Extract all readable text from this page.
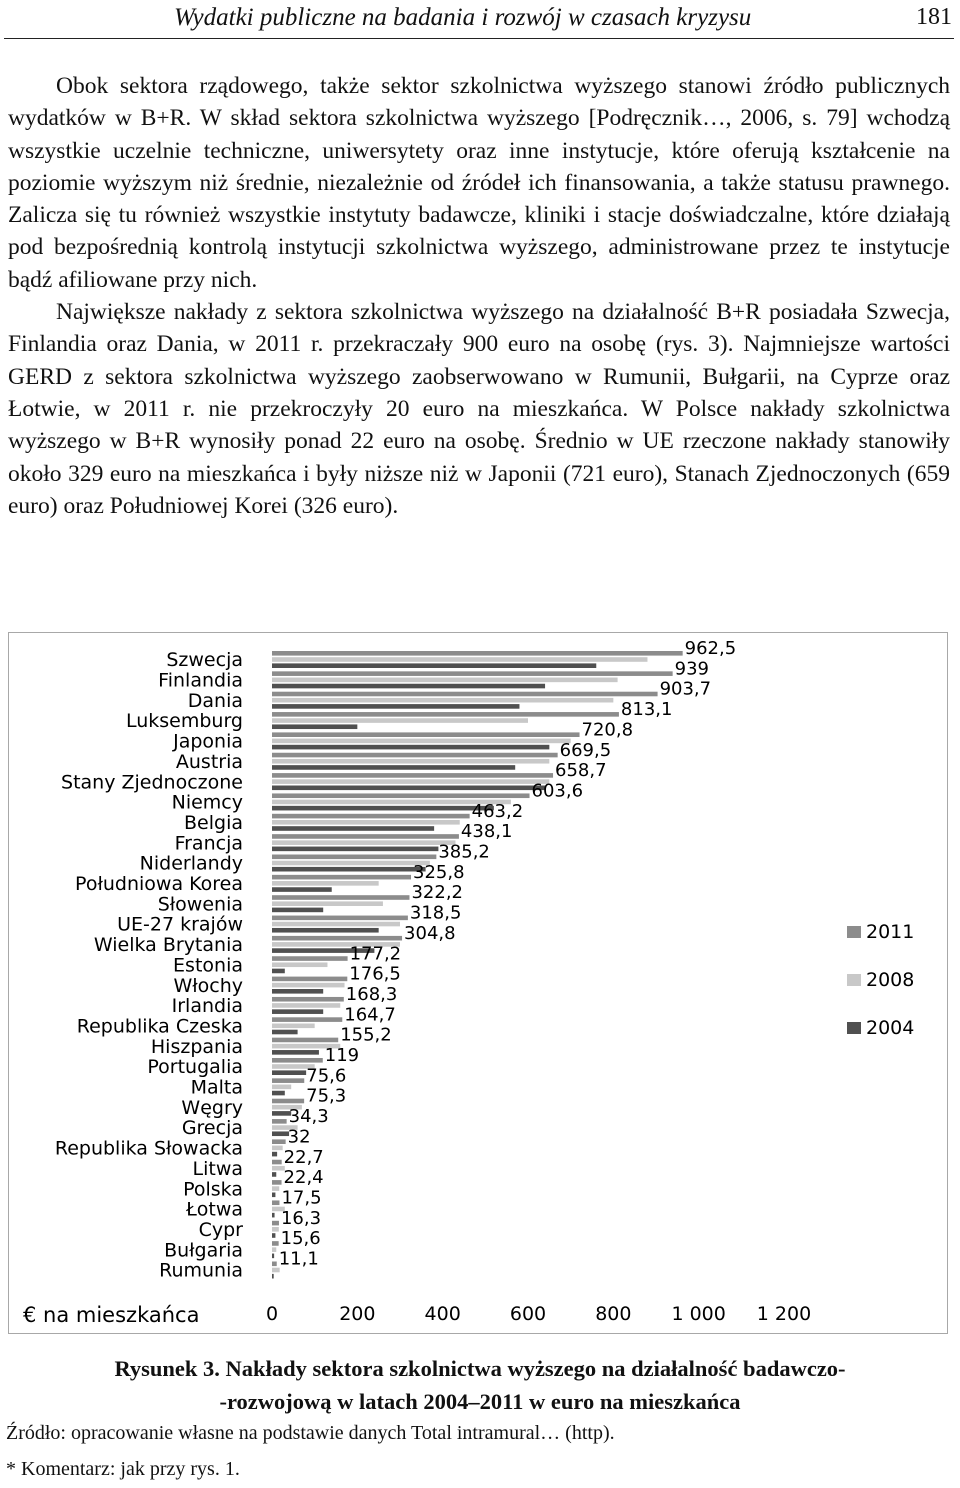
Wydatki publiczne na badania i rozwój w czasach kryzysu	181

Obok sektora rządowego, także sektor szkolnictwa wyższego stanowi źródło publicznych wydatków w B+R. W skład sektora szkolnictwa wyższego [Podręcznik…, 2006, s. 79] wchodzą wszystkie uczelnie techniczne, uniwersytety oraz inne instytucje, które oferują kształcenie na poziomie wyższym niż średnie, niezależnie od źródeł ich finansowania, a także statusu prawnego. Zalicza się tu również wszystkie instytuty badawcze, kliniki i stacje doświadczalne, które działają pod bezpośrednią kontrolą instytucji szkolnictwa wyższego, administrowane przez te instytucje bądź afiliowane przy nich.

Największe nakłady z sektora szkolnictwa wyższego na działalność B+R posiadała Szwecja, Finlandia oraz Dania, w 2011 r. przekraczały 900 euro na osobę (rys. 3). Najmniejsze wartości GERD z sektora szkolnictwa wyższego zaobserwowano w Rumunii, Bułgarii, na Cyprze oraz Łotwie, w 2011 r. nie przekroczyły 20 euro na mieszkańca. W Polsce nakłady szkolnictwa wyższego w B+R wynosiły ponad 22 euro na osobę. Średnio w UE rzeczone nakłady stanowiły około 329 euro na mieszkańca i były niższe niż w Japonii (721 euro), Stanach Zjednoczonych (659 euro) oraz Południowej Korei (326 euro).

Szwecja
962,5
Finlandia
939
Dania
903,7
Luksemburg
813,1
Japonia
720,8
Austria
669,5
Stany Zjednoczone
658,7
Niemcy
603,6
Belgia
463,2
Francja
438,1
Niderlandy
385,2
Południowa Korea
325,8
Słowenia
322,2
UE-27 krajów
318,5
Wielka Brytania
304,8
Estonia
177,2
Włochy
176,5
Irlandia
168,3
Republika Czeska
164,7
Hiszpania
155,2
Portugalia
119
Malta
75,6
Węgry
75,3
Grecja
34,3
Republika Słowacka
32
Litwa
22,7
Polska
22,4
Łotwa
17,5
Cypr
16,3
Bułgaria
15,6
Rumunia
11,1
0	200	400	600	800 1 000 1 200
€ na mieszkańca
2011
2008
2004
Rysunek 3. Nakłady sektora szkolnictwa wyższego na działalność badawczo-
-rozwojową w latach 2004–2011 w euro na mieszkańca
Źródło: opracowanie własne na podstawie danych Total intramural… (http).
* Komentarz: jak przy rys. 1.
